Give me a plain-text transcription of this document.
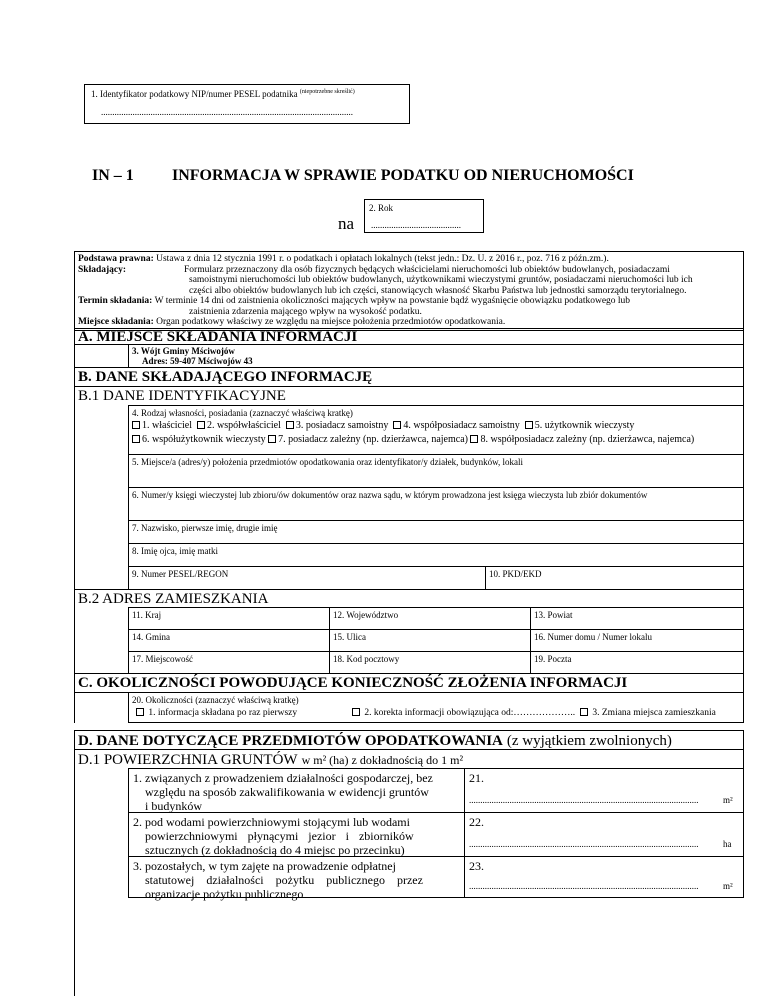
1. Identyfikator podatkowy NIP/numer PESEL podatnika $^{(niepotrzebne skreślić)}$
................................................................................................................
IN – 1 INFORMACJA W SPRAWIE PODATKU OD NIERUCHOMOŚCI
na
2. Rok
........................................
Podstawa prawna: Ustawa z dnia 12 stycznia 1991 r. o podatkach i opłatach lokalnych (tekst jedn.: Dz. U. z 2016 r., poz. 716 z późn.zm.).
Składający:	Formularz przeznaczony dla osób fizycznych będących właścicielami nieruchomości lub obiektów budowlanych, posiadaczami
samoistnymi nieruchomości lub obiektów budowlanych, użytkownikami wieczystymi gruntów, posiadaczami nieruchomości lub ich
części albo obiektów budowlanych lub ich części, stanowiących własność Skarbu Państwa lub jednostki samorządu terytorialnego.
Termin składania: W terminie 14 dni od zaistnienia okoliczności mających wpływ na powstanie bądź wygaśnięcie obowiązku podatkowego lub
zaistnienia zdarzenia mającego wpływ na wysokość podatku.
Miejsce składania: Organ podatkowy właściwy ze względu na miejsce położenia przedmiotów opodatkowania.
A. MIEJSCE SKŁADANIA INFORMACJI
3. Wójt Gminy Mściwojów
Adres: 59-407 Mściwojów 43
B. DANE SKŁADAJĄCEGO INFORMACJĘ
B.1 DANE IDENTYFIKACYJNE
4. Rodzaj własności, posiadania (zaznaczyć właściwą kratkę)
1. właściciel 2. współwłaściciel 3. posiadacz samoistny 4. współposiadacz samoistny 5. użytkownik wieczysty
6. współużytkownik wieczysty 7. posiadacz zależny (np. dzierżawca, najemca) 8. współposiadacz zależny (np. dzierżawca, najemca)
5. Miejsce/a (adres/y) położenia przedmiotów opodatkowania oraz identyfikator/y działek, budynków, lokali
6. Numer/y księgi wieczystej lub zbioru/ów dokumentów oraz nazwa sądu, w którym prowadzona jest księga wieczysta lub zbiór dokumentów
7. Nazwisko, pierwsze imię, drugie imię
8. Imię ojca, imię matki
9. Numer PESEL/REGON	10. PKD/EKD
B.2 ADRES ZAMIESZKANIA
11. Kraj	12. Województwo	13. Powiat
14. Gmina	15. Ulica	16. Numer domu / Numer lokalu
17. Miejscowość	18. Kod pocztowy	19. Poczta
C. OKOLICZNOŚCI POWODUJĄCE KONIECZNOŚĆ ZŁOŻENIA INFORMACJI
20. Okoliczności (zaznaczyć właściwą kratkę)
1. informacja składana po raz pierwszy	2. korekta informacji obowiązująca od:………………..	3. Zmiana miejsca zamieszkania
D. DANE DOTYCZĄCE PRZEDMIOTÓW OPODATKOWANIA (z wyjątkiem zwolnionych)
D.1 POWIERZCHNIA GRUNTÓW w m² (ha) z dokładnością do 1 m²
1. związanych z prowadzeniem działalności gospodarczej, bez
względu na sposób zakwalifikowania w ewidencji gruntów
i budynków
21.
......................................................................................................	m²
2. pod wodami powierzchniowymi stojącymi lub wodami
powierzchniowymi płynącymi jezior i zbiorników
sztucznych (z dokładnością do 4 miejsc po przecinku)
22.
......................................................................................................	ha
3. pozostałych, w tym zajęte na prowadzenie odpłatnej
statutowej działalności pożytku publicznego przez
organizacje pożytku publicznego
23.
......................................................................................................	m²
